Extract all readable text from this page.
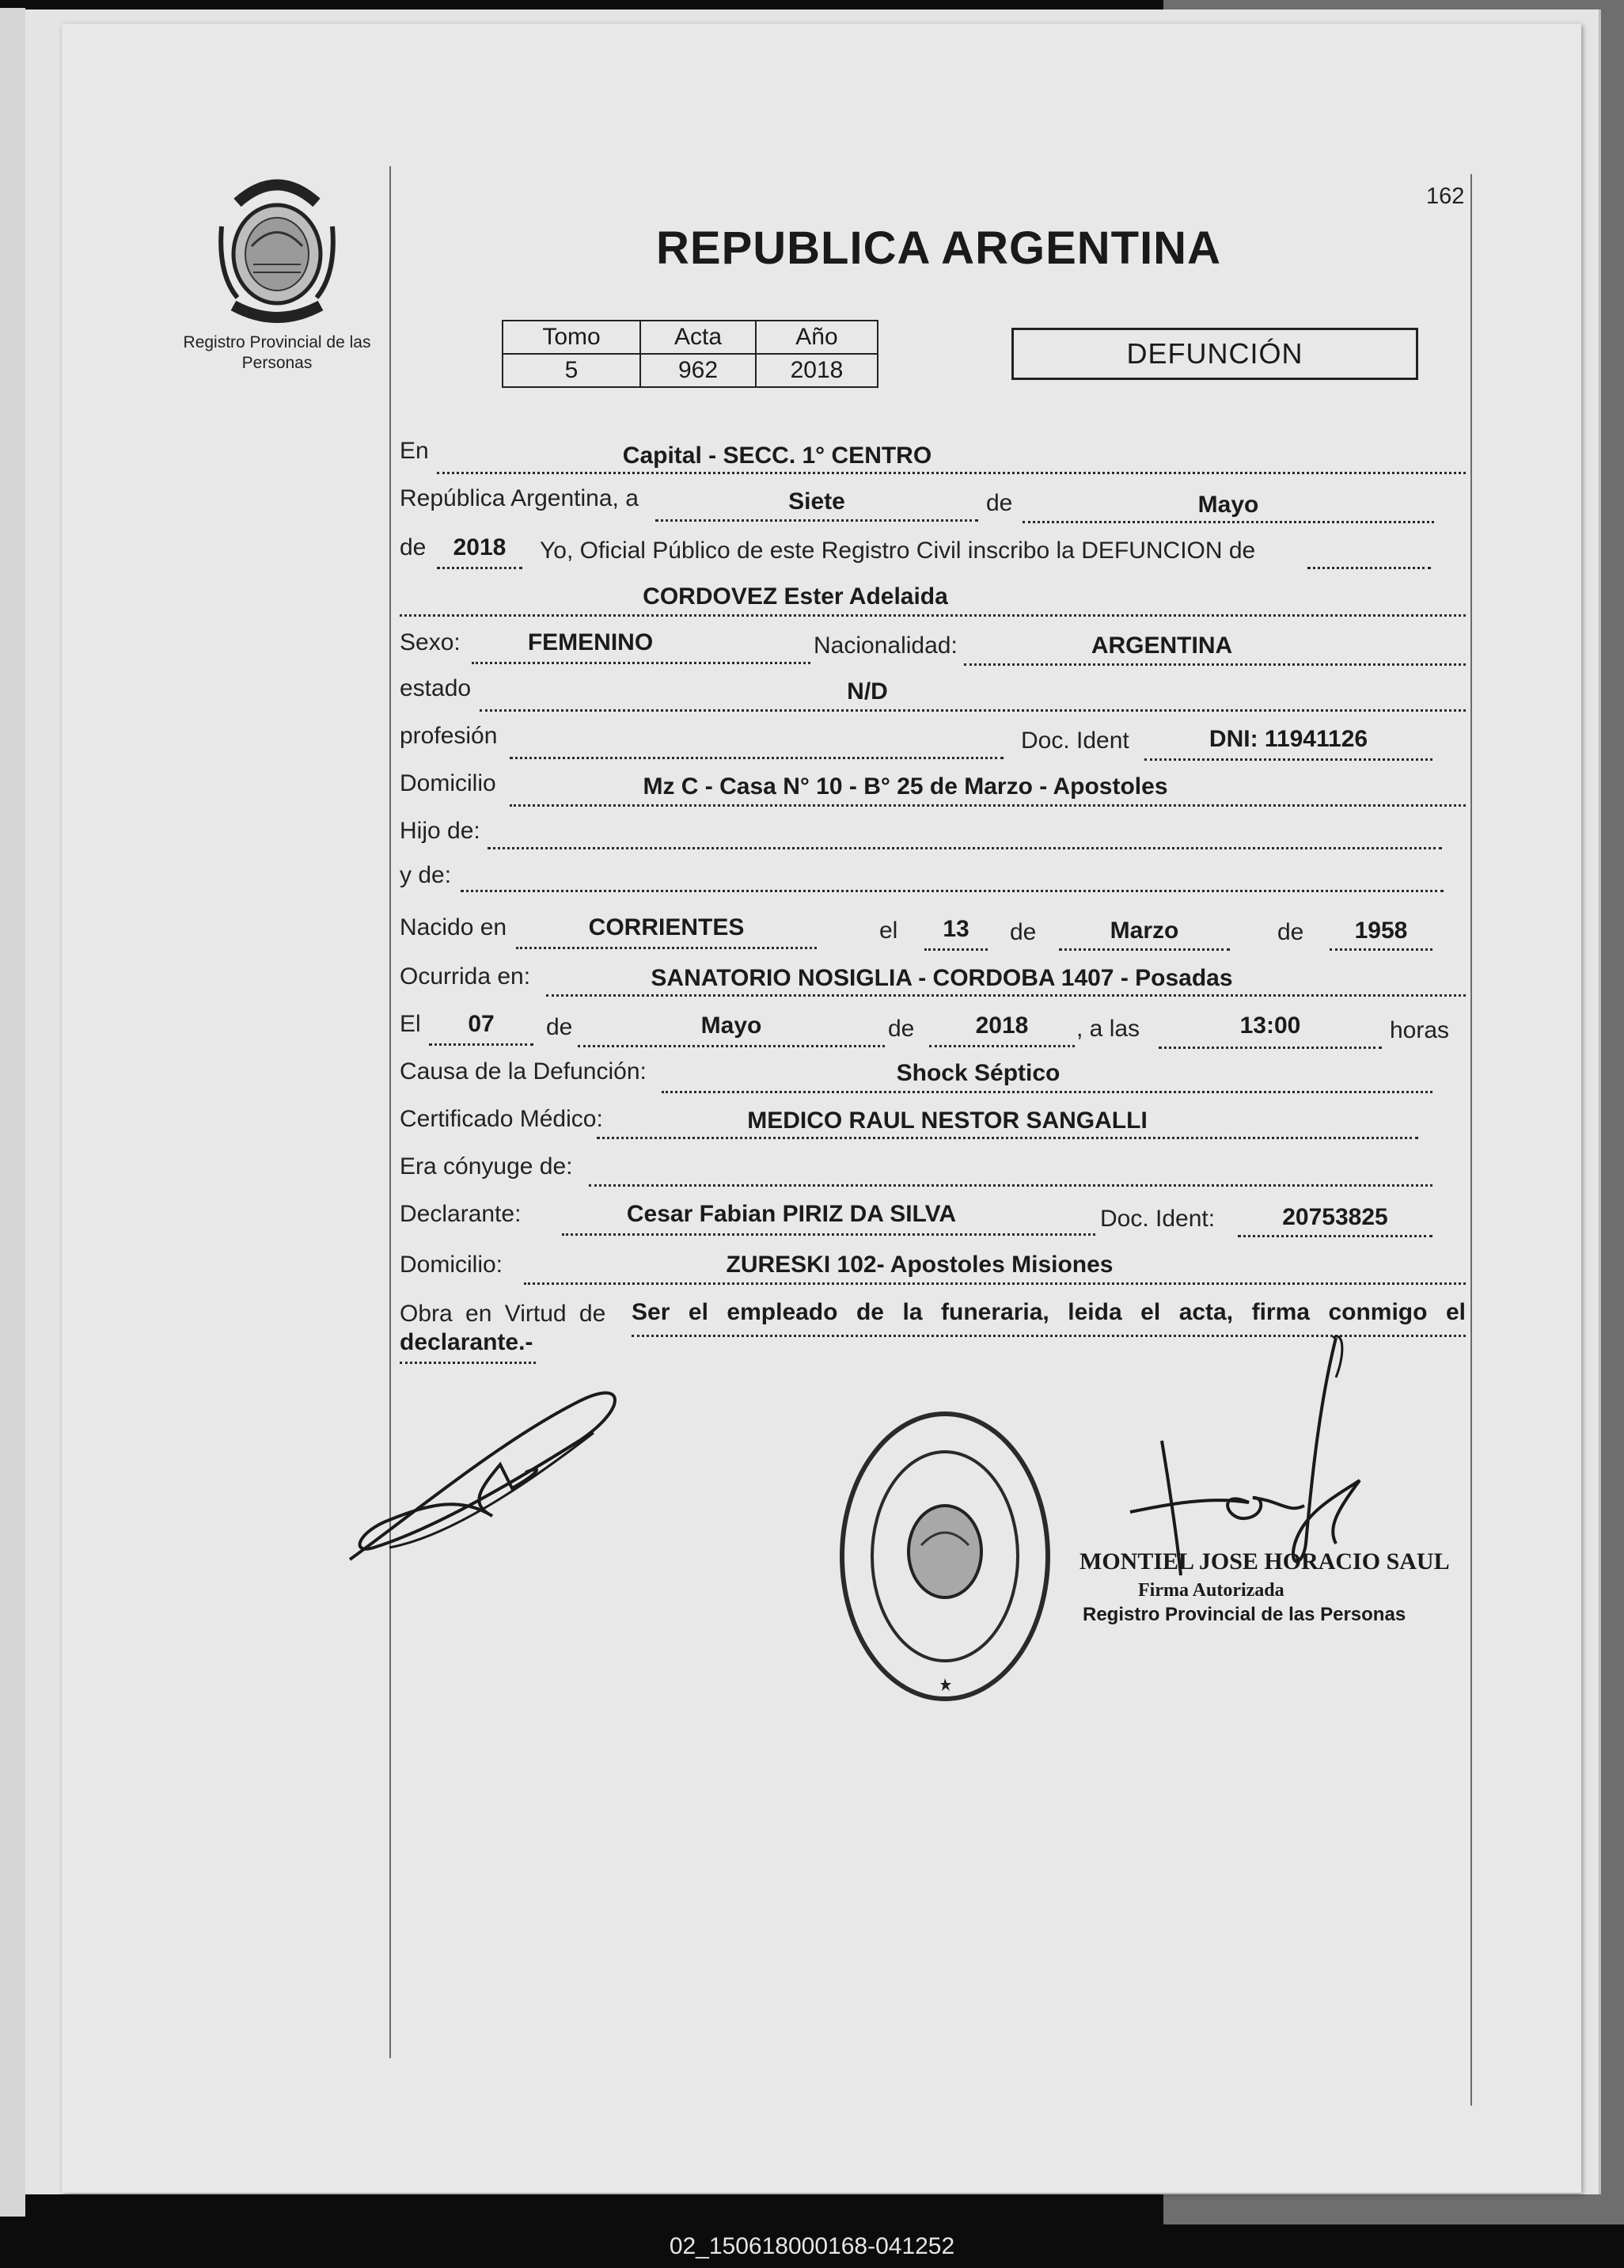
162
Registro Provincial de las Personas
REPUBLICA ARGENTINA
Tomo	Acta	Año
5	962	2018
DEFUNCIÓN
En	Capital - SECC. 1° CENTRO
República Argentina, a	Siete	de	Mayo
de	2018	Yo, Oficial Público de este Registro Civil inscribo la DEFUNCION de
CORDOVEZ Ester Adelaida
Sexo:	FEMENINO	Nacionalidad:	ARGENTINA
estado	N/D
profesión	Doc. Ident	DNI: 11941126
Domicilio	Mz C - Casa N° 10 - B° 25 de Marzo - Apostoles
Hijo de:
y de:
Nacido en	CORRIENTES	el	13	de	Marzo	de	1958
Ocurrida en:	SANATORIO NOSIGLIA - CORDOBA 1407 - Posadas
El	07	de	Mayo	de	2018	, a las	13:00	horas
Causa de la Defunción:	Shock Séptico
Certificado Médico:	MEDICO RAUL NESTOR SANGALLI
Era cónyuge de:
Declarante:	Cesar Fabian PIRIZ DA SILVA	Doc. Ident:	20753825
Domicilio:	ZURESKI 102- Apostoles Misiones
Obra en Virtud de Ser el empleado de la funeraria, leida el acta, firma conmigo el
declarante.-
MONTIEL JOSE HORACIO SAUL
Firma Autorizada
Registro Provincial de las Personas
02_150618000168-041252
